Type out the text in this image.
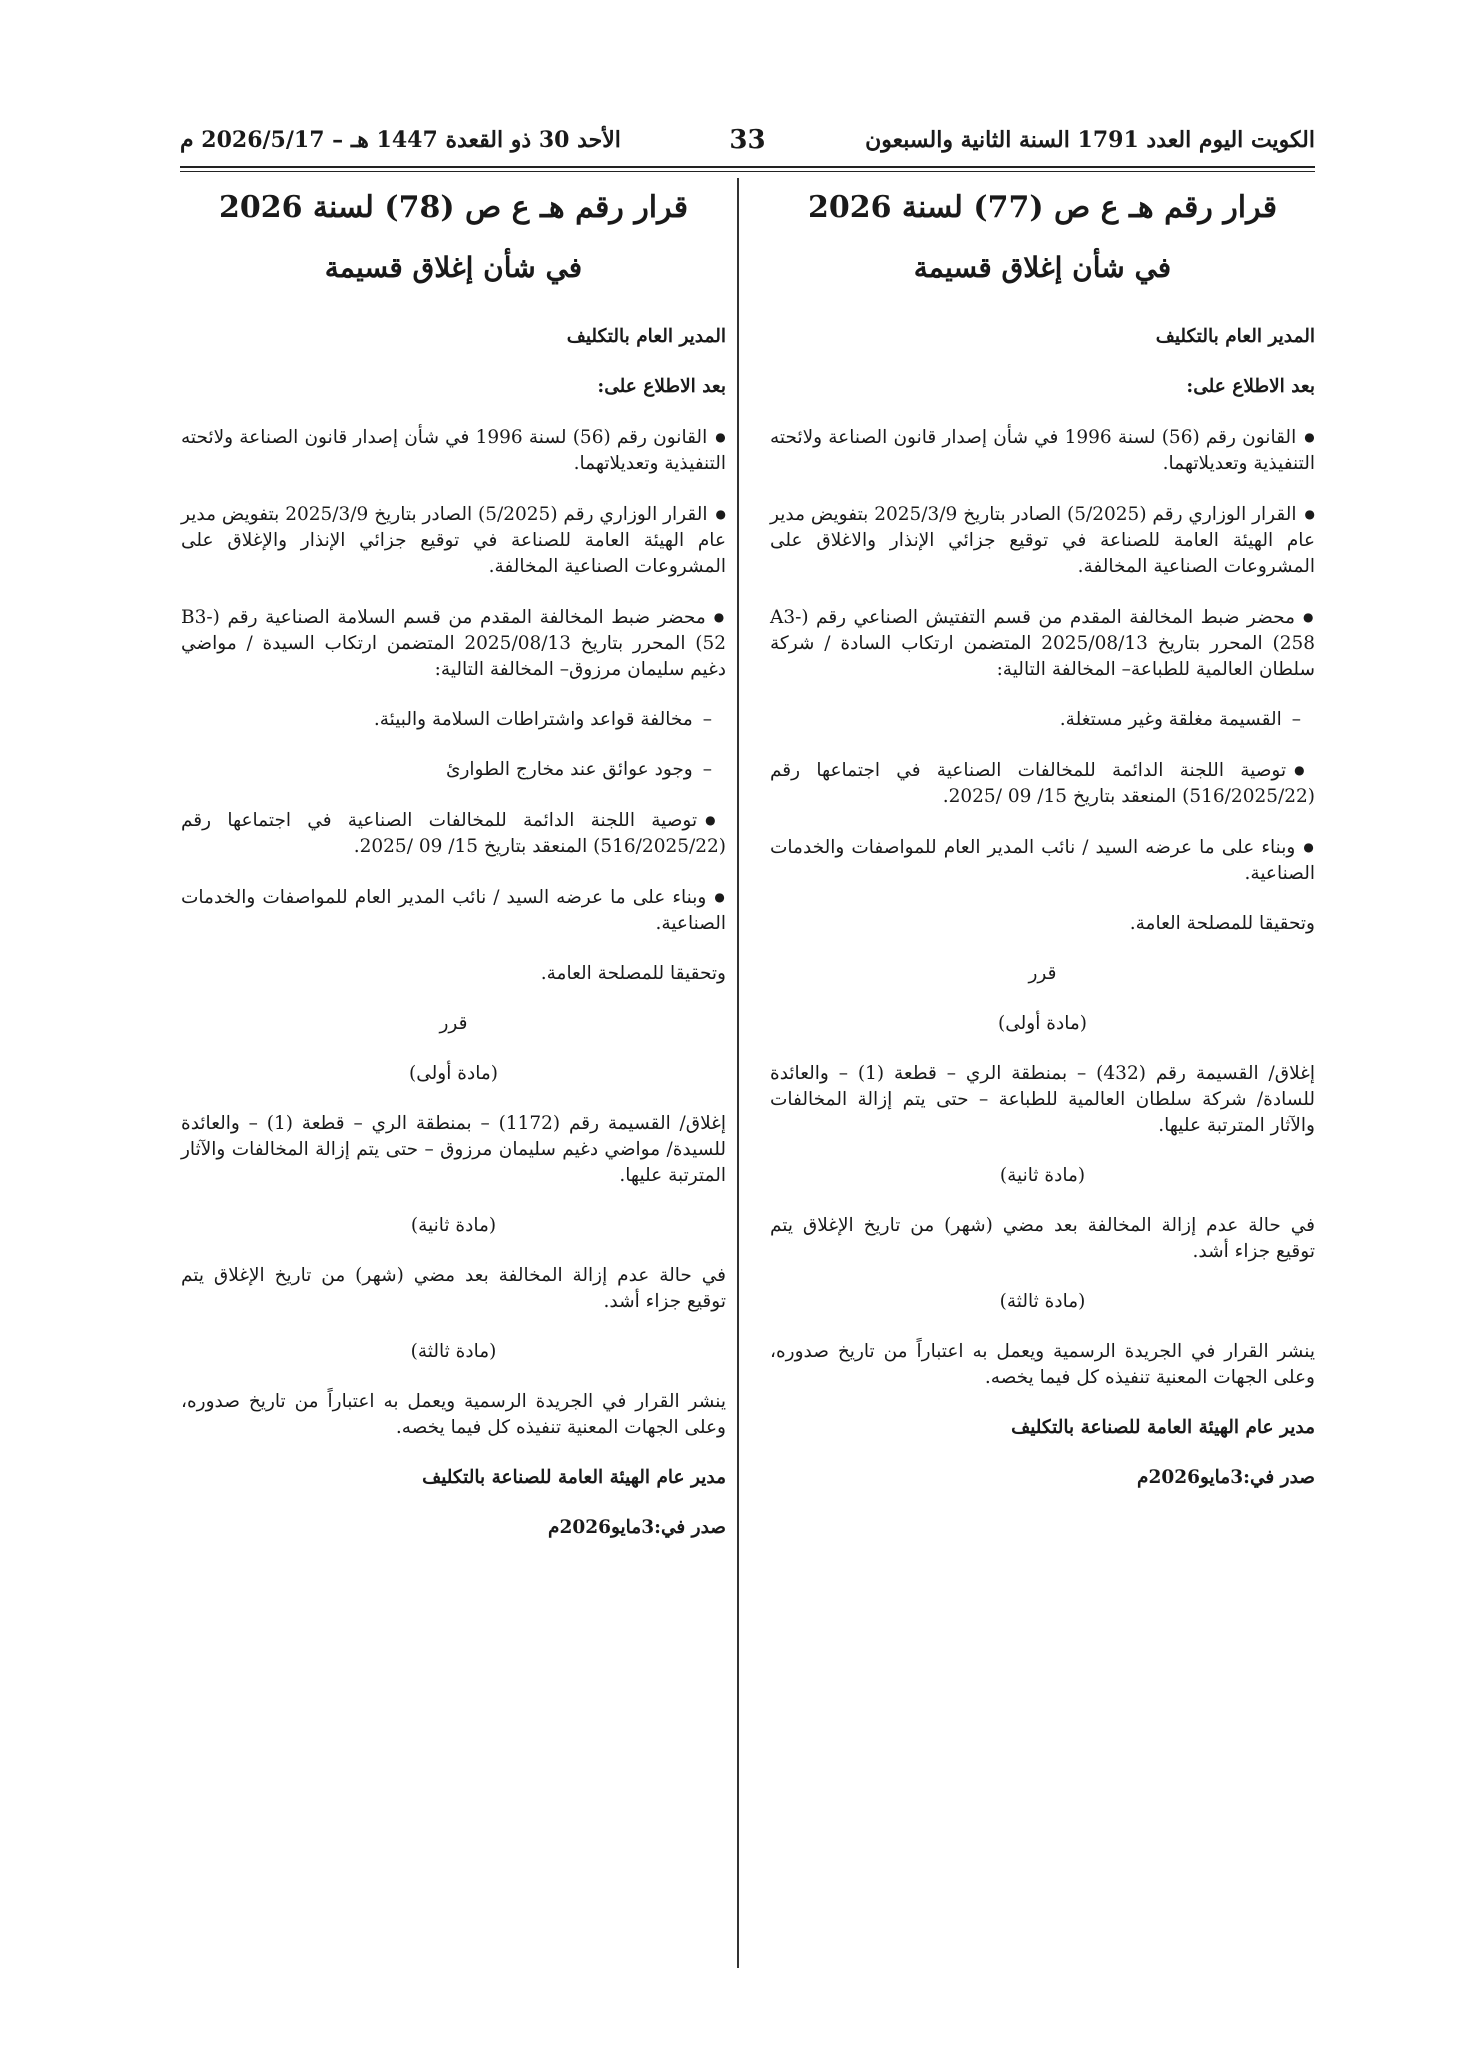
الكويت اليوم العدد 1791 السنة الثانية والسبعون
33
الأحد 30 ذو القعدة 1447 هـ – 2026/5/17 م

قرار رقم هـ ع ص (77) لسنة 2026

في شأن إغلاق قسيمة

المدير العام بالتكليف

بعد الاطلاع على:

● القانون رقم (56) لسنة 1996 في شأن إصدار قانون الصناعة ولائحته التنفيذية وتعديلاتهما.

● القرار الوزاري رقم (5/2025) الصادر بتاريخ 2025/3/9 بتفويض مدير عام الهيئة العامة للصناعة في توقيع جزائي الإنذار والاغلاق على المشروعات الصناعية المخالفة.

● محضر ضبط المخالفة المقدم من قسم التفتيش الصناعي رقم (A3-258) المحرر بتاريخ 2025/08/13 المتضمن ارتكاب السادة / شركة سلطان العالمية للطباعة– المخالفة التالية:

– القسيمة مغلقة وغير مستغلة.

● توصية اللجنة الدائمة للمخالفات الصناعية في اجتماعها رقم (516/2025/22) المنعقد بتاريخ 15/ 09 /2025.

● وبناء على ما عرضه السيد / نائب المدير العام للمواصفات والخدمات الصناعية.

وتحقيقا للمصلحة العامة.

قرر

(مادة أولى)

إغلاق/ القسيمة رقم (432) – بمنطقة الري – قطعة (1) – والعائدة للسادة/ شركة سلطان العالمية للطباعة – حتى يتم إزالة المخالفات والآثار المترتبة عليها.

(مادة ثانية)

في حالة عدم إزالة المخالفة بعد مضي (شهر) من تاريخ الإغلاق يتم توقيع جزاء أشد.

(مادة ثالثة)

ينشر القرار في الجريدة الرسمية ويعمل به اعتباراً من تاريخ صدوره، وعلى الجهات المعنية تنفيذه كل فيما يخصه.

مدير عام الهيئة العامة للصناعة بالتكليف

صدر في:3مايو2026م

قرار رقم هـ ع ص (78) لسنة 2026

في شأن إغلاق قسيمة

المدير العام بالتكليف

بعد الاطلاع على:

● القانون رقم (56) لسنة 1996 في شأن إصدار قانون الصناعة ولائحته التنفيذية وتعديلاتهما.

● القرار الوزاري رقم (5/2025) الصادر بتاريخ 2025/3/9 بتفويض مدير عام الهيئة العامة للصناعة في توقيع جزائي الإنذار والإغلاق على المشروعات الصناعية المخالفة.

● محضر ضبط المخالفة المقدم من قسم السلامة الصناعية رقم (B3-52) المحرر بتاريخ 2025/08/13 المتضمن ارتكاب السيدة / مواضي دغيم سليمان مرزوق– المخالفة التالية:

– مخالفة قواعد واشتراطات السلامة والبيئة.

– وجود عوائق عند مخارج الطوارئ

● توصية اللجنة الدائمة للمخالفات الصناعية في اجتماعها رقم (516/2025/22) المنعقد بتاريخ 15/ 09 /2025.

● وبناء على ما عرضه السيد / نائب المدير العام للمواصفات والخدمات الصناعية.

وتحقيقا للمصلحة العامة.

قرر

(مادة أولى)

إغلاق/ القسيمة رقم (1172) – بمنطقة الري – قطعة (1) – والعائدة للسيدة/ مواضي دغيم سليمان مرزوق – حتى يتم إزالة المخالفات والآثار المترتبة عليها.

(مادة ثانية)

في حالة عدم إزالة المخالفة بعد مضي (شهر) من تاريخ الإغلاق يتم توقيع جزاء أشد.

(مادة ثالثة)

ينشر القرار في الجريدة الرسمية ويعمل به اعتباراً من تاريخ صدوره، وعلى الجهات المعنية تنفيذه كل فيما يخصه.

مدير عام الهيئة العامة للصناعة بالتكليف

صدر في:3مايو2026م
